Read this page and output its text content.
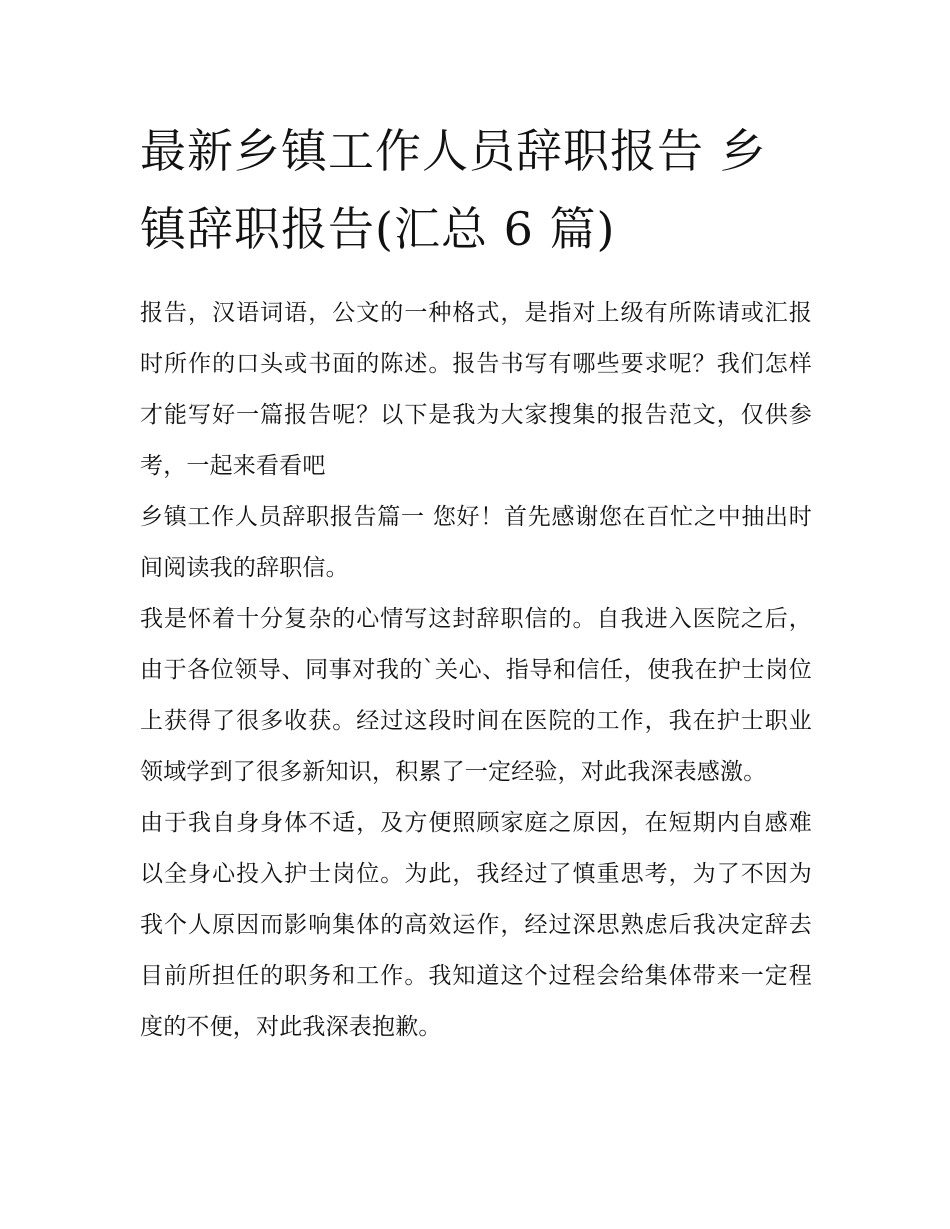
最新乡镇工作人员辞职报告 乡镇辞职报告(汇总 6 篇)

报告，汉语词语，公文的一种格式，是指对上级有所陈请或汇报时所作的口头或书面的陈述。报告书写有哪些要求呢？我们怎样才能写好一篇报告呢？以下是我为大家搜集的报告范文，仅供参考，一起来看看吧

乡镇工作人员辞职报告篇一 您好！首先感谢您在百忙之中抽出时间阅读我的辞职信。

我是怀着十分复杂的心情写这封辞职信的。自我进入医院之后，由于各位领导、同事对我的`关心、指导和信任，使我在护士岗位上获得了很多收获。经过这段时间在医院的工作，我在护士职业领域学到了很多新知识，积累了一定经验，对此我深表感激。

由于我自身身体不适，及方便照顾家庭之原因，在短期内自感难以全身心投入护士岗位。为此，我经过了慎重思考，为了不因为我个人原因而影响集体的高效运作，经过深思熟虑后我决定辞去目前所担任的职务和工作。我知道这个过程会给集体带来一定程度的不便，对此我深表抱歉。
